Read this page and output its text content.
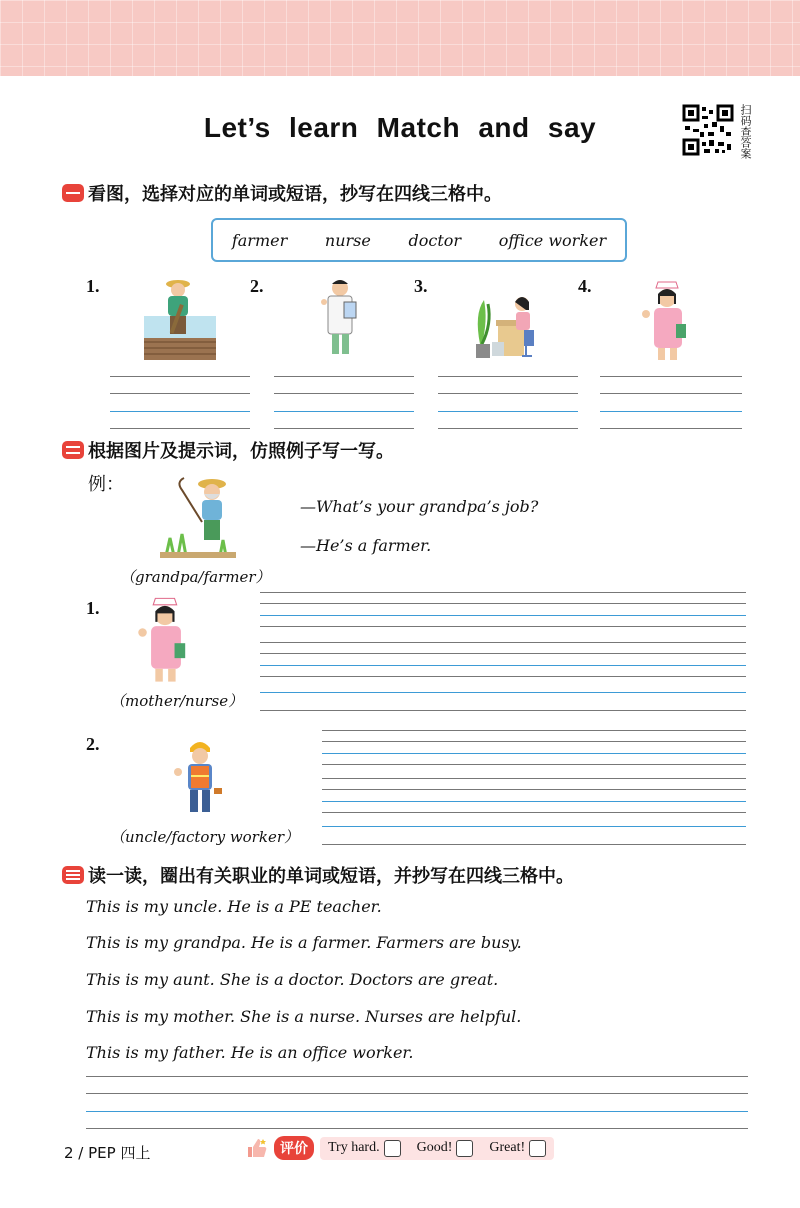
Let’s learn Match and say	扫码查答案
看图，选择对应的单词或短语，抄写在四线三格中。
farmer nurse doctor office worker
1.	2.	3.	4.
根据图片及提示词，仿照例子写一写。
例：
—What’s your grandpa’s job?
—He’s a farmer.
（grandpa/farmer）
1.
（mother/nurse）
2.
（uncle/factory worker）
读一读，圈出有关职业的单词或短语，并抄写在四线三格中。
This is my uncle. He is a PE teacher.
This is my grandpa. He is a farmer. Farmers are busy.
This is my aunt. She is a doctor. Doctors are great.
This is my mother. She is a nurse. Nurses are helpful.
This is my father. He is an office worker.
2 / PEP 四上	评价	Try hard.	Good!	Great!
